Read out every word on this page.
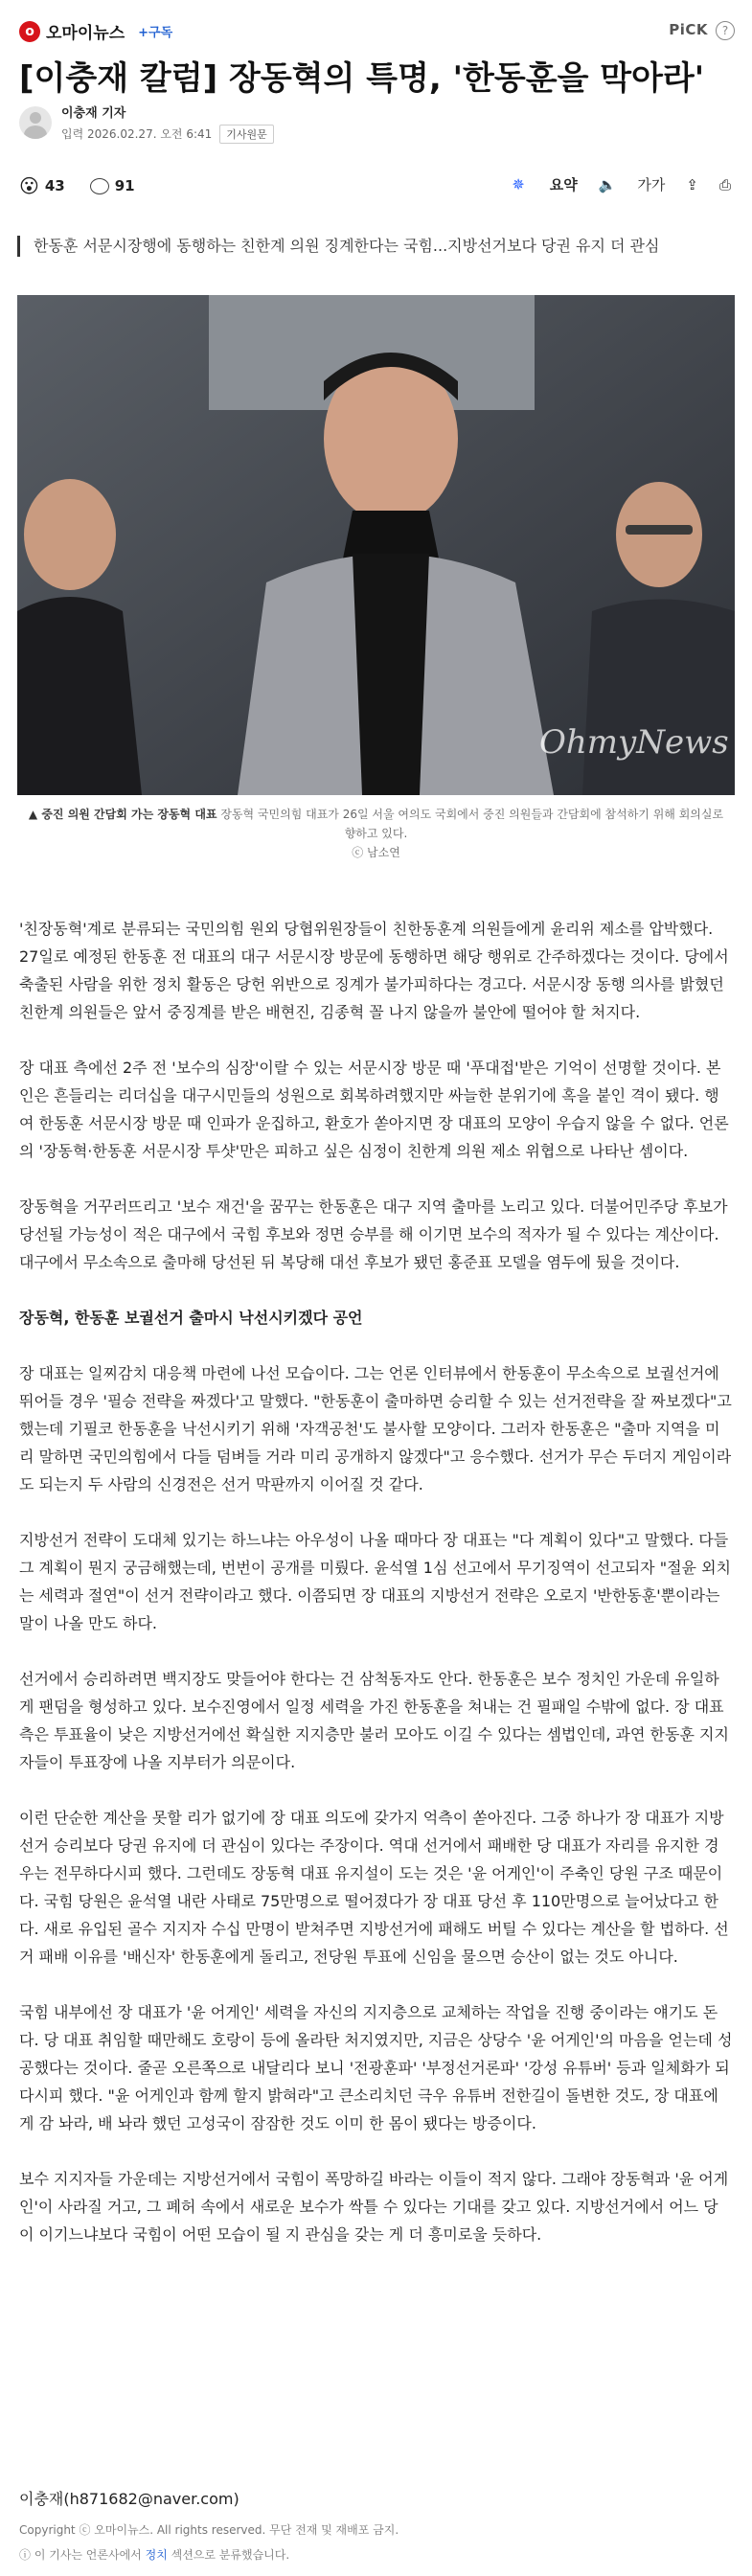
o 오마이뉴스 +구독	PiCK	?
[이충재 칼럼] 장동혁의 특명, '한동훈을 막아라'
이충재 기자
입력 2026.02.27. 오전 6:41	기사원문
😮 43	91	✵ 요약 🔈 가가 ⇪ ⎙
한동훈 서문시장행에 동행하는 친한계 의원 징계한다는 국힘...지방선거보다 당권 유지 더 관심
OhmyNews
▲ 중진 의원 간담회 가는 장동혁 대표 장동혁 국민의힘 대표가 26일 서울 여의도 국회에서 중진 의원들과 간담회에 참석하기 위해 회의실로 향하고 있다.
ⓒ 남소연

'친장동혁'계로 분류되는 국민의힘 원외 당협위원장들이 친한동훈계 의원들에게 윤리위 제소를 압박했다. 27일로 예정된 한동훈 전 대표의 대구 서문시장 방문에 동행하면 해당 행위로 간주하겠다는 것이다. 당에서 축출된 사람을 위한 정치 활동은 당헌 위반으로 징계가 불가피하다는 경고다. 서문시장 동행 의사를 밝혔던 친한계 의원들은 앞서 중징계를 받은 배현진, 김종혁 꼴 나지 않을까 불안에 떨어야 할 처지다.

장 대표 측에선 2주 전 '보수의 심장'이랄 수 있는 서문시장 방문 때 '푸대접'받은 기억이 선명할 것이다. 본인은 흔들리는 리더십을 대구시민들의 성원으로 회복하려했지만 싸늘한 분위기에 혹을 붙인 격이 됐다. 행여 한동훈 서문시장 방문 때 인파가 운집하고, 환호가 쏟아지면 장 대표의 모양이 우습지 않을 수 없다. 언론의 '장동혁·한동훈 서문시장 투샷'만은 피하고 싶은 심정이 친한계 의원 제소 위협으로 나타난 셈이다.

장동혁을 거꾸러뜨리고 '보수 재건'을 꿈꾸는 한동훈은 대구 지역 출마를 노리고 있다. 더불어민주당 후보가 당선될 가능성이 적은 대구에서 국힘 후보와 정면 승부를 해 이기면 보수의 적자가 될 수 있다는 계산이다. 대구에서 무소속으로 출마해 당선된 뒤 복당해 대선 후보가 됐던 홍준표 모델을 염두에 뒀을 것이다.

장동혁, 한동훈 보궐선거 출마시 낙선시키겠다 공언

장 대표는 일찌감치 대응책 마련에 나선 모습이다. 그는 언론 인터뷰에서 한동훈이 무소속으로 보궐선거에 뛰어들 경우 '필승 전략을 짜겠다'고 말했다. "한동훈이 출마하면 승리할 수 있는 선거전략을 잘 짜보겠다"고 했는데 기필코 한동훈을 낙선시키기 위해 '자객공천'도 불사할 모양이다. 그러자 한동훈은 "출마 지역을 미리 말하면 국민의힘에서 다들 덤벼들 거라 미리 공개하지 않겠다"고 응수했다. 선거가 무슨 두더지 게임이라도 되는지 두 사람의 신경전은 선거 막판까지 이어질 것 같다.

지방선거 전략이 도대체 있기는 하느냐는 아우성이 나올 때마다 장 대표는 "다 계획이 있다"고 말했다. 다들 그 계획이 뭔지 궁금해했는데, 번번이 공개를 미뤘다. 윤석열 1심 선고에서 무기징역이 선고되자 "절윤 외치는 세력과 절연"이 선거 전략이라고 했다. 이쯤되면 장 대표의 지방선거 전략은 오로지 '반한동훈'뿐이라는 말이 나올 만도 하다.

선거에서 승리하려면 백지장도 맞들어야 한다는 건 삼척동자도 안다. 한동훈은 보수 정치인 가운데 유일하게 팬덤을 형성하고 있다. 보수진영에서 일정 세력을 가진 한동훈을 쳐내는 건 필패일 수밖에 없다. 장 대표 측은 투표율이 낮은 지방선거에선 확실한 지지층만 불러 모아도 이길 수 있다는 셈법인데, 과연 한동훈 지지자들이 투표장에 나올 지부터가 의문이다.

이런 단순한 계산을 못할 리가 없기에 장 대표 의도에 갖가지 억측이 쏟아진다. 그중 하나가 장 대표가 지방선거 승리보다 당권 유지에 더 관심이 있다는 주장이다. 역대 선거에서 패배한 당 대표가 자리를 유지한 경우는 전무하다시피 했다. 그런데도 장동혁 대표 유지설이 도는 것은 '윤 어게인'이 주축인 당원 구조 때문이다. 국힘 당원은 윤석열 내란 사태로 75만명으로 떨어졌다가 장 대표 당선 후 110만명으로 늘어났다고 한다. 새로 유입된 골수 지지자 수십 만명이 받쳐주면 지방선거에 패해도 버틸 수 있다는 계산을 할 법하다. 선거 패배 이유를 '배신자' 한동훈에게 돌리고, 전당원 투표에 신임을 물으면 승산이 없는 것도 아니다.

국힘 내부에선 장 대표가 '윤 어게인' 세력을 자신의 지지층으로 교체하는 작업을 진행 중이라는 얘기도 돈다. 당 대표 취임할 때만해도 호랑이 등에 올라탄 처지였지만, 지금은 상당수 '윤 어게인'의 마음을 얻는데 성공했다는 것이다. 줄곧 오른쪽으로 내달리다 보니 '전광훈파' '부정선거론파' '강성 유튜버' 등과 일체화가 되다시피 했다. "윤 어게인과 함께 할지 밝혀라"고 큰소리치던 극우 유튜버 전한길이 돌변한 것도, 장 대표에게 감 놔라, 배 놔라 했던 고성국이 잠잠한 것도 이미 한 몸이 됐다는 방증이다.

보수 지지자들 가운데는 지방선거에서 국힘이 폭망하길 바라는 이들이 적지 않다. 그래야 장동혁과 '윤 어게인'이 사라질 거고, 그 폐허 속에서 새로운 보수가 싹틀 수 있다는 기대를 갖고 있다. 지방선거에서 어느 당이 이기느냐보다 국힘이 어떤 모습이 될 지 관심을 갖는 게 더 흥미로울 듯하다.

이충재(h871682@naver.com)
Copyright ⓒ 오마이뉴스. All rights reserved. 무단 전재 및 재배포 금지.
ⓘ 이 기사는 언론사에서 정치 섹션으로 분류했습니다.
